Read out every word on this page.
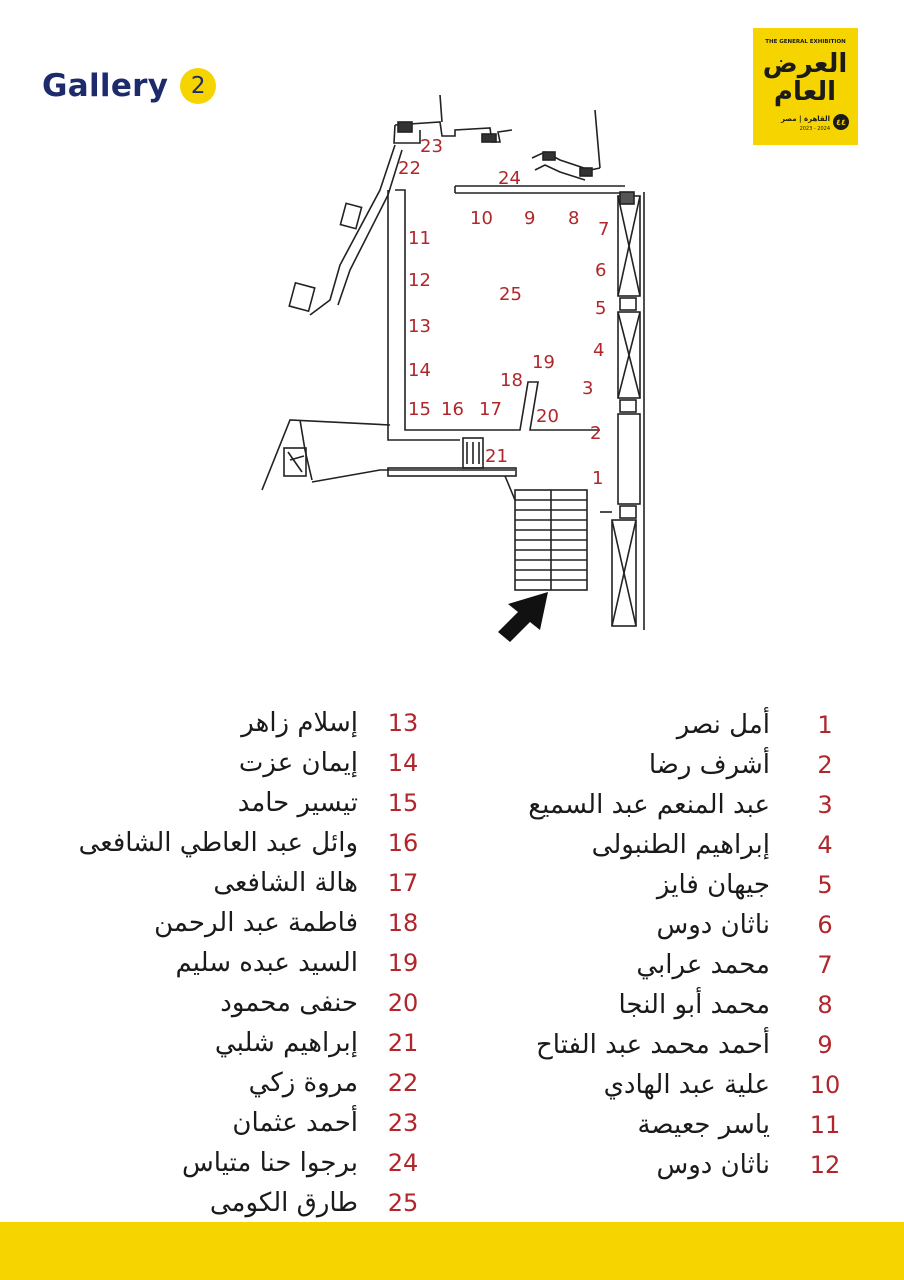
Gallery 2
THE GENERAL EXHIBITION
العرض
العام
٤٤
القاهرة | مصر
2023 - 2024
23
24
22
10 9 8
7
11
6
12
25
5
13
4
19
18	3
14
15 16 17 20
2
21
1
أمل نصر	1
أشرف رضا	2
عبد المنعم عبد السميع	3
إبراهيم الطنبولى	4
جيهان فايز	5
ناثان دوس	6
محمد عرابي	7
محمد أبو النجا	8
أحمد محمد عبد الفتاح	9
علية عبد الهادي	10
ياسر جعيصة	11
ناثان دوس	12
إسلام زاهر	13
إيمان عزت	14
تيسير حامد	15
وائل عبد العاطي الشافعى	16
هالة الشافعى	17
فاطمة عبد الرحمن	18
السيد عبده سليم	19
حنفى محمود	20
إبراهيم شلبي	21
مروة زكي	22
أحمد عثمان	23
برجوا حنا متياس	24
طارق الكومى	25
